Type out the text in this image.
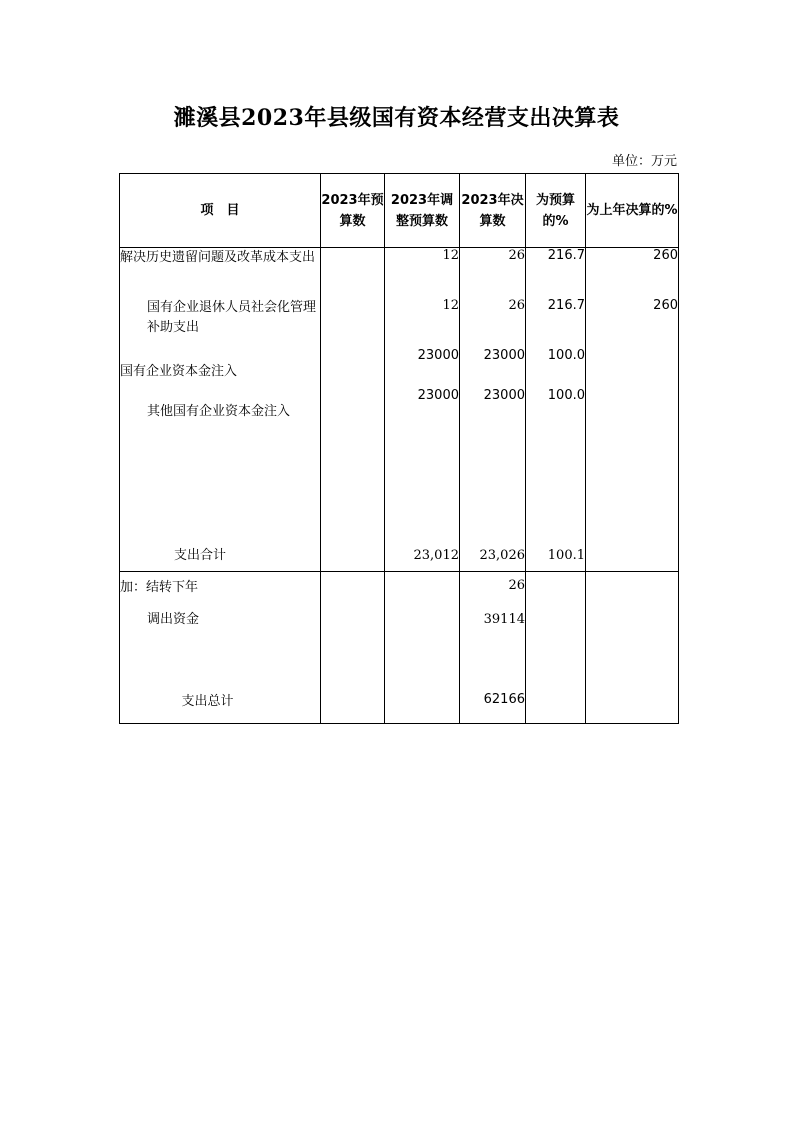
濉溪县2023年县级国有资本经营支出决算表
单位：万元
项　目	2023年预算数	2023年调整预算数	2023年决算数	为预算的%	为上年决算的%
解决历史遗留问题及改革成本支出		12	26	216.7	260
国有企业退休人员社会化管理补助支出		12	26	216.7	260
国有企业资本金注入		23000	23000	100.0	
其他国有企业资本金注入		23000	23000	100.0	

支出合计		23,012	23,026	100.1	
加：结转下年			26		
调出资金			39114		

支出总计			62166		
